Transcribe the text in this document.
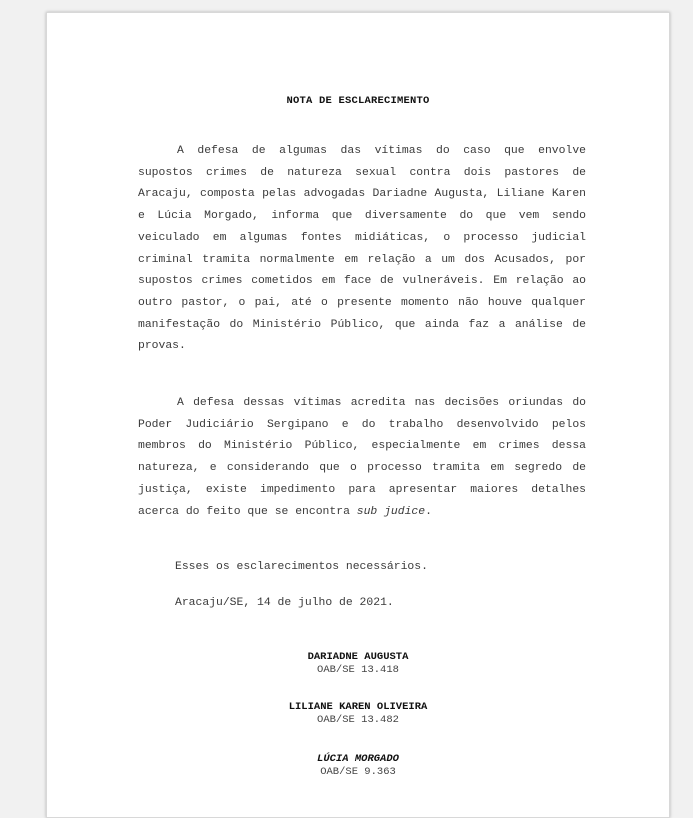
NOTA DE ESCLARECIMENTO

A defesa de algumas das vítimas do caso que envolve supostos crimes de natureza sexual contra dois pastores de Aracaju, composta pelas advogadas Dariadne Augusta, Liliane Karen e Lúcia Morgado, informa que diversamente do que vem sendo veiculado em algumas fontes midiáticas, o processo judicial criminal tramita normalmente em relação a um dos Acusados, por supostos crimes cometidos em face de vulneráveis. Em relação ao outro pastor, o pai, até o presente momento não houve qualquer manifestação do Ministério Público, que ainda faz a análise de provas.

A defesa dessas vítimas acredita nas decisões oriundas do Poder Judiciário Sergipano e do trabalho desenvolvido pelos membros do Ministério Público, especialmente em crimes dessa natureza, e considerando que o processo tramita em segredo de justiça, existe impedimento para apresentar maiores detalhes acerca do feito que se encontra sub judice.

Esses os esclarecimentos necessários.
Aracaju/SE, 14 de julho de 2021.
DARIADNE AUGUSTA
OAB/SE 13.418
LILIANE KAREN OLIVEIRA
OAB/SE 13.482
LÚCIA MORGADO
OAB/SE 9.363
